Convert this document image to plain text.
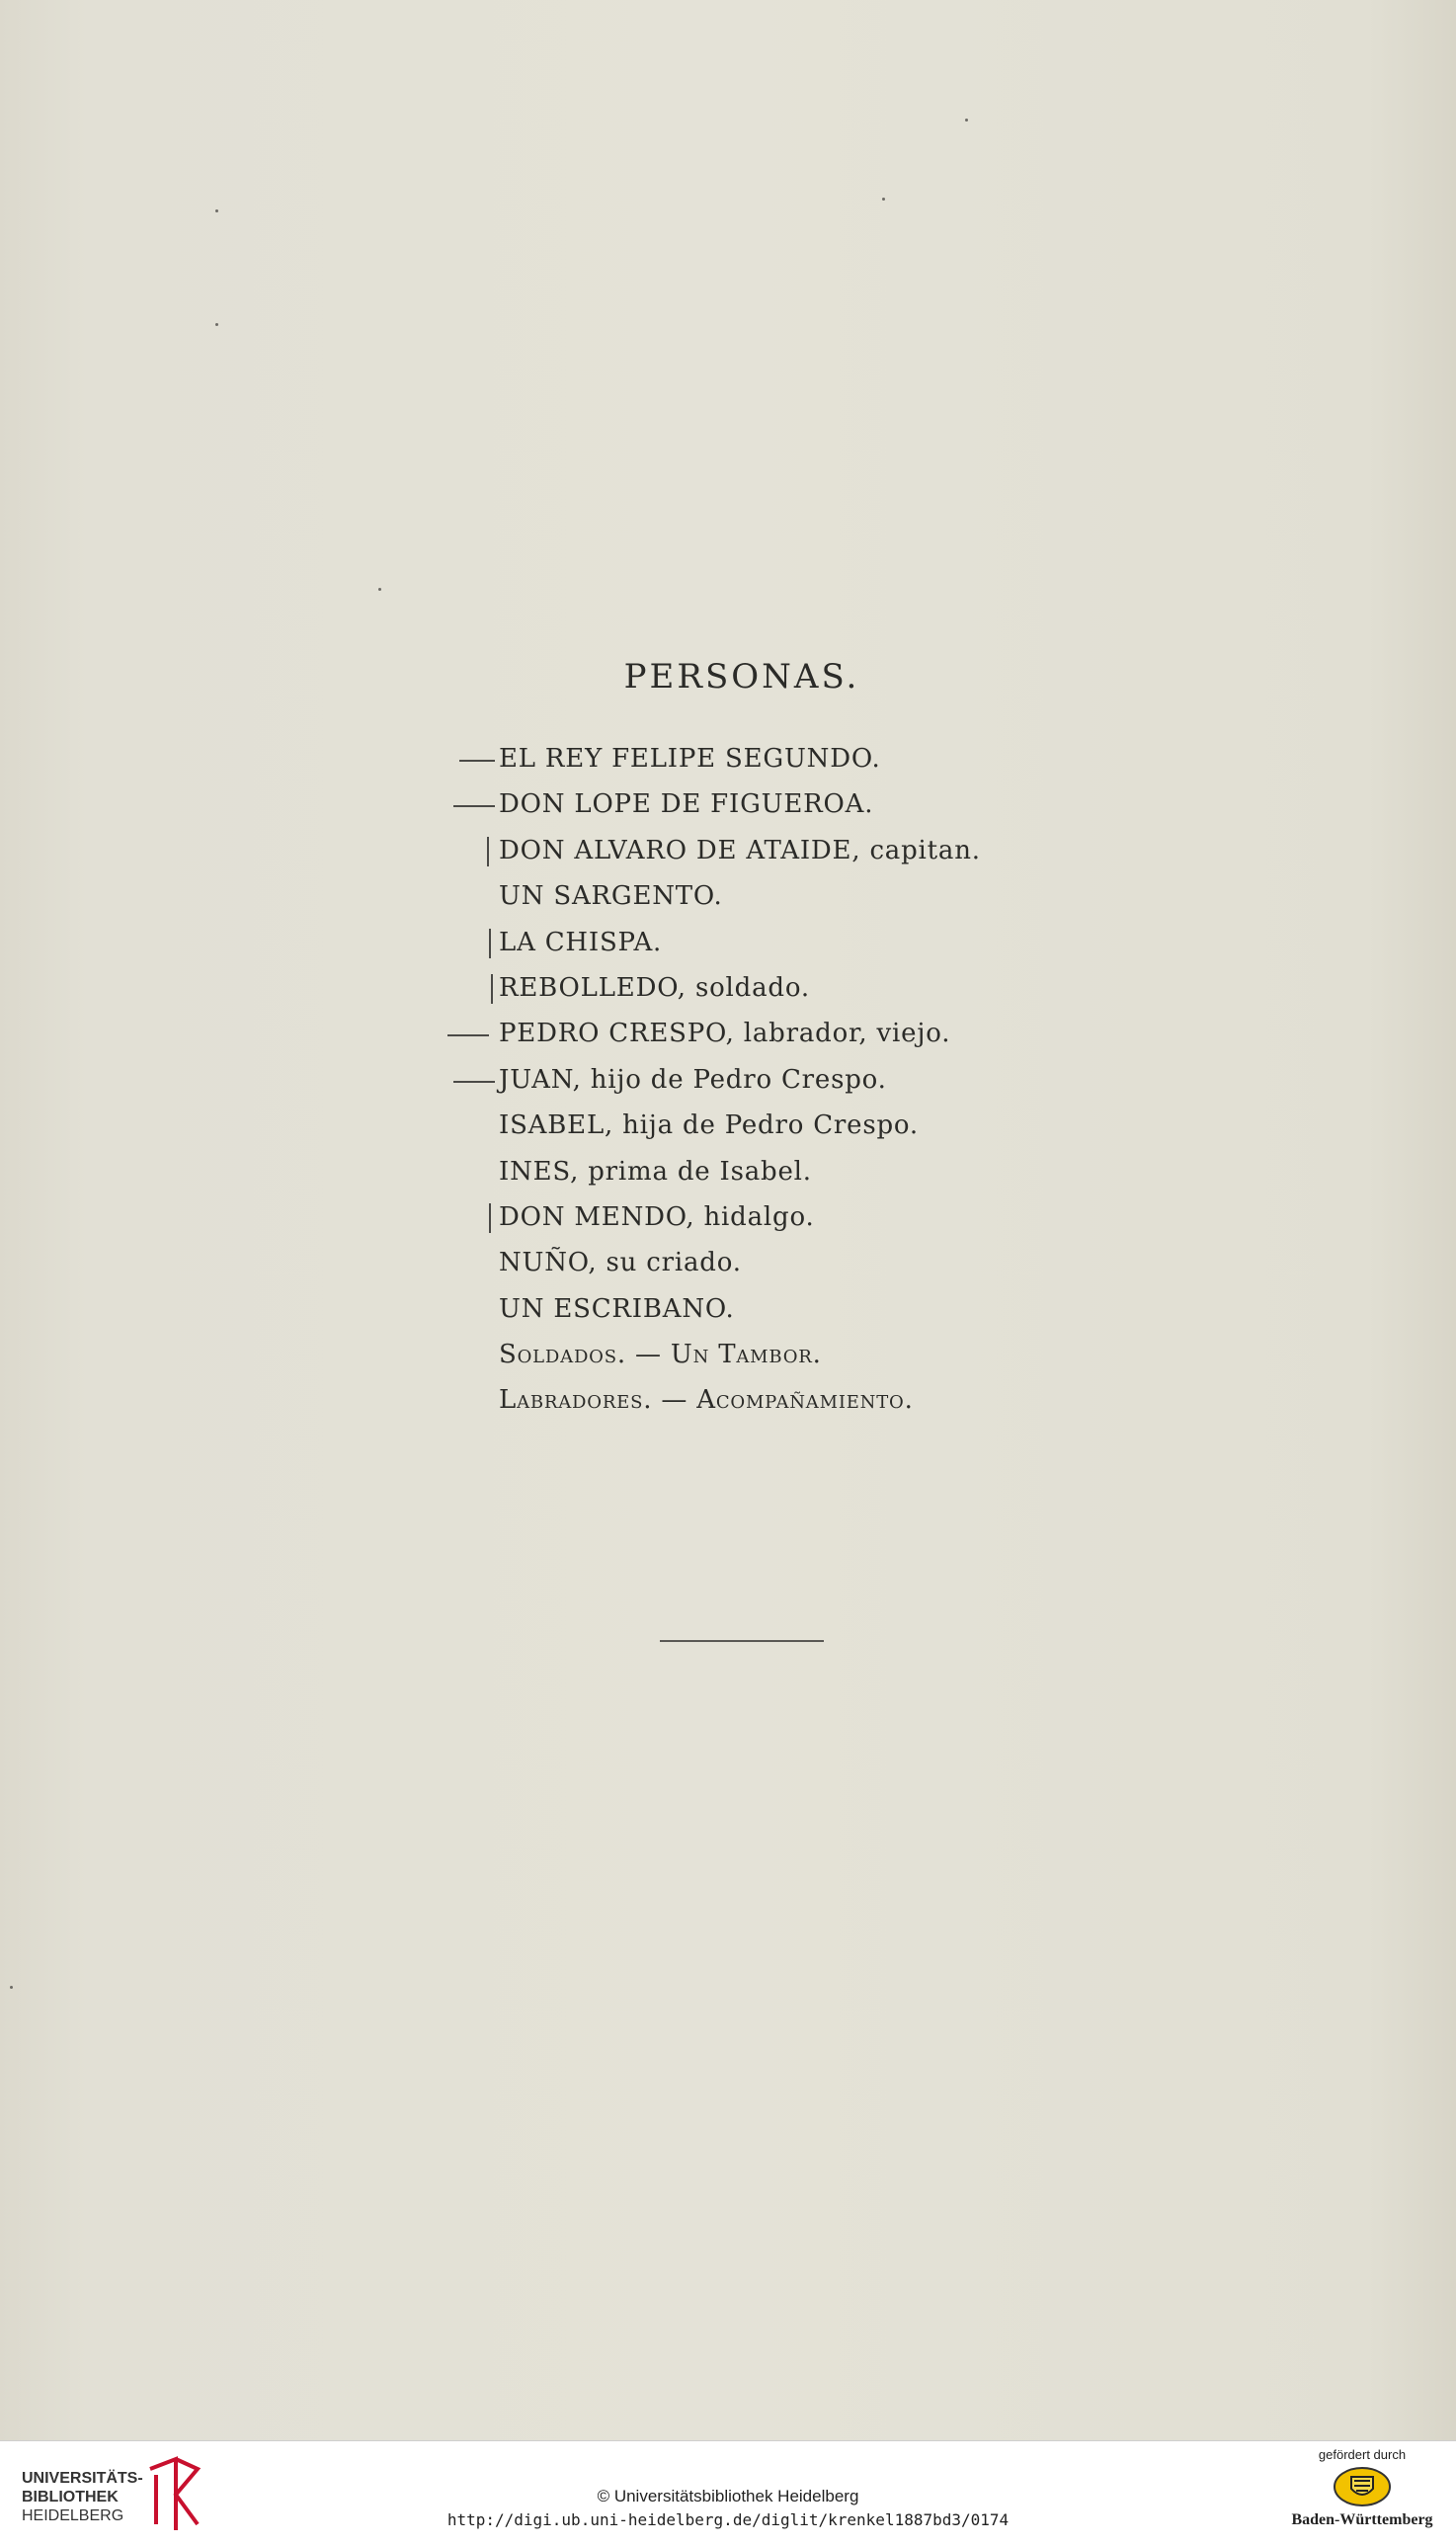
PERSONAS.
EL REY FELIPE SEGUNDO.
DON LOPE DE FIGUEROA.
DON ALVARO DE ATAIDE, capitan.
UN SARGENTO.
LA CHISPA.
REBOLLEDO, soldado.
PEDRO CRESPO, labrador, viejo.
JUAN, hijo de Pedro Crespo.
ISABEL, hija de Pedro Crespo.
INES, prima de Isabel.
DON MENDO, hidalgo.
NUÑO, su criado.
UN ESCRIBANO.
Soldados. — Un Tambor.
Labradores. — Acompañamiento.
UNIVERSITÄTS-
BIBLIOTHEK
HEIDELBERG
© Universitätsbibliothek Heidelberg
http://digi.ub.uni-heidelberg.de/diglit/krenkel1887bd3/0174
gefördert durch
Baden-Württemberg
